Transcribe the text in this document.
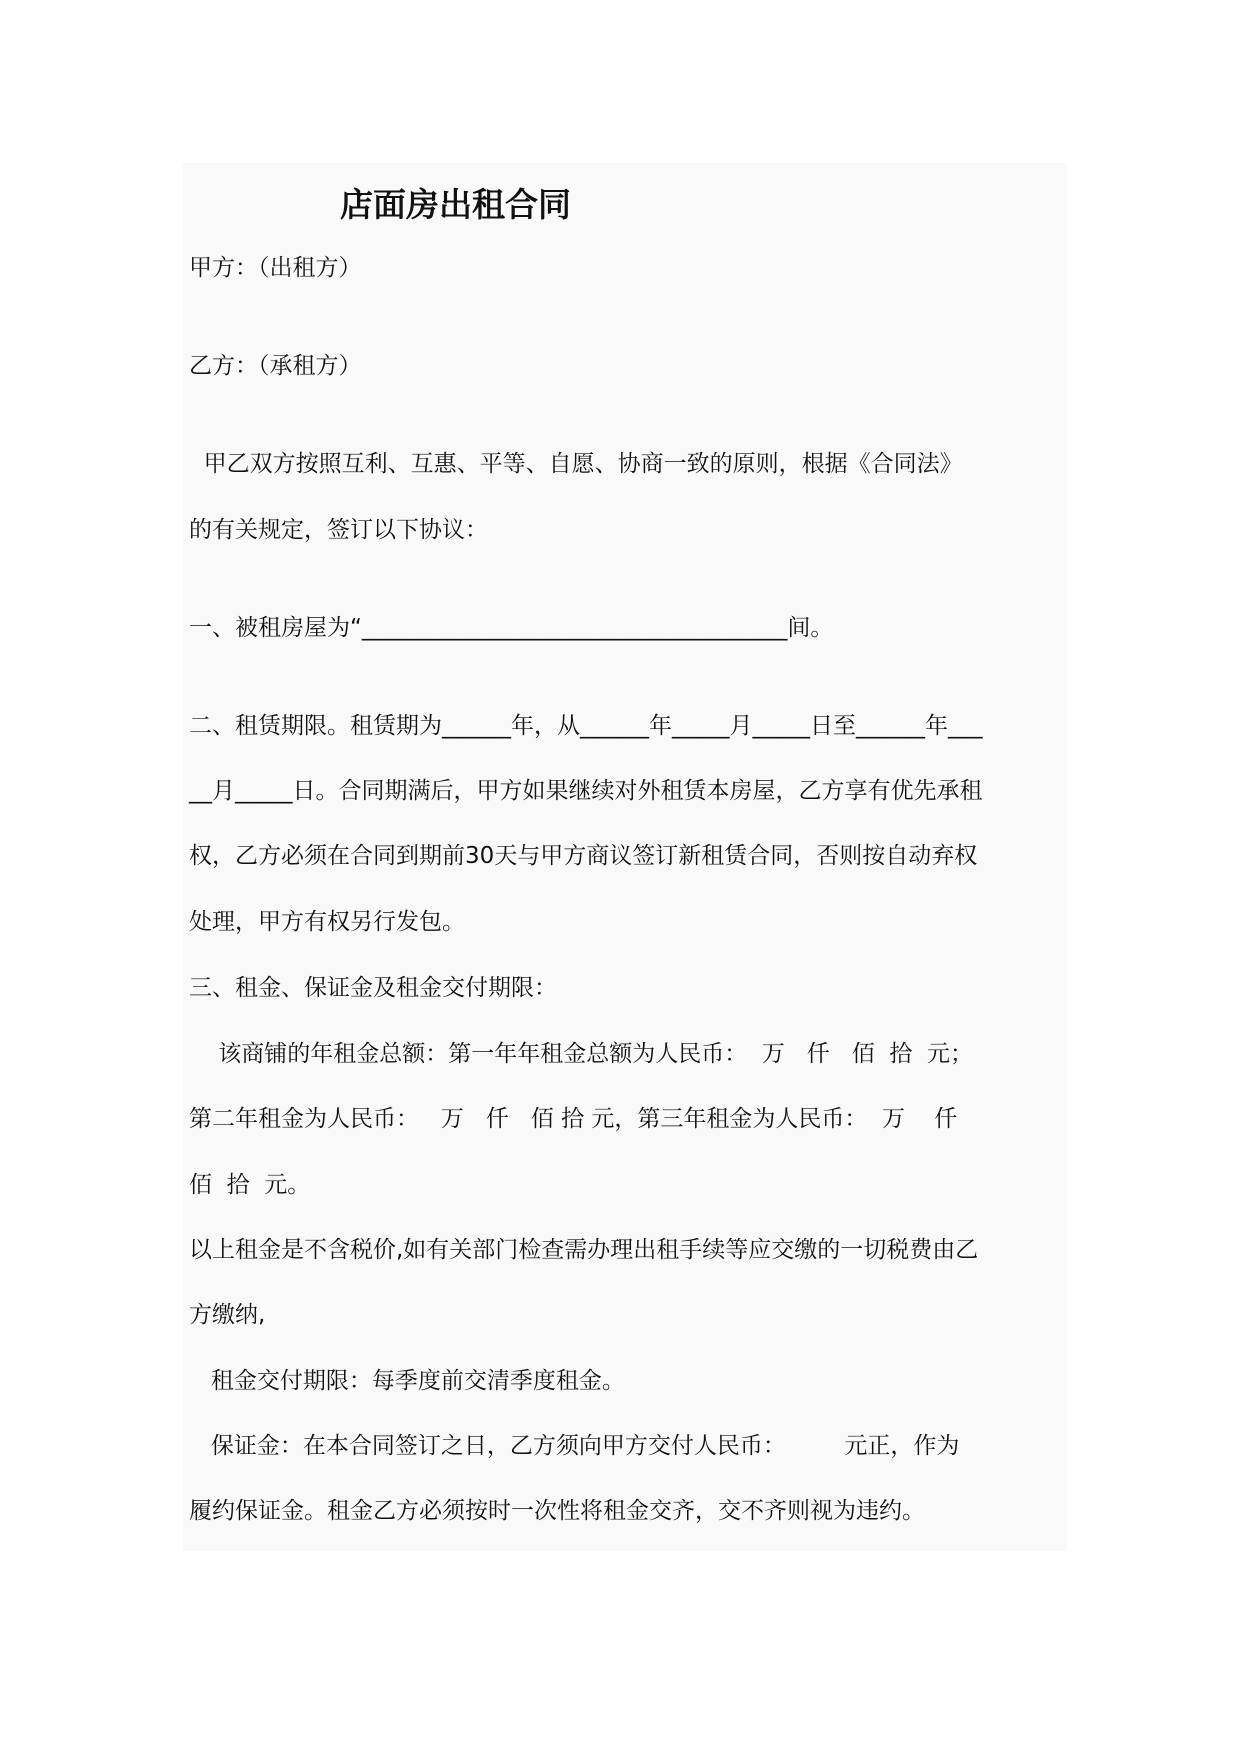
店面房出租合同
甲方：（出租方）
乙方：（承租方）
甲乙双方按照互利、互惠、平等、自愿、协商一致的原则，根据《合同法》
的有关规定，签订以下协议：
一、被租房屋为“_____________________________________间。
二、租赁期限。租赁期为______年，从______年_____月_____日至______年___
__月_____日。合同期满后，甲方如果继续对外租赁本房屋，乙方享有优先承租
权，乙方必须在合同到期前30天与甲方商议签订新租赁合同，否则按自动弃权
处理，甲方有权另行发包。
三、租金、保证金及租金交付期限：
该商铺的年租金总额：第一年年租金总额为人民币：  万   仟   佰  拾  元；
第二年租金为人民币：   万   仟   佰 拾 元，第三年租金为人民币：  万    仟
佰  拾  元。
以上租金是不含税价,如有关部门检查需办理出租手续等应交缴的一切税费由乙
方缴纳,
租金交付期限：每季度前交清季度租金。
保证金：在本合同签订之日，乙方须向甲方交付人民币：        元正，作为
履约保证金。租金乙方必须按时一次性将租金交齐，交不齐则视为违约。
